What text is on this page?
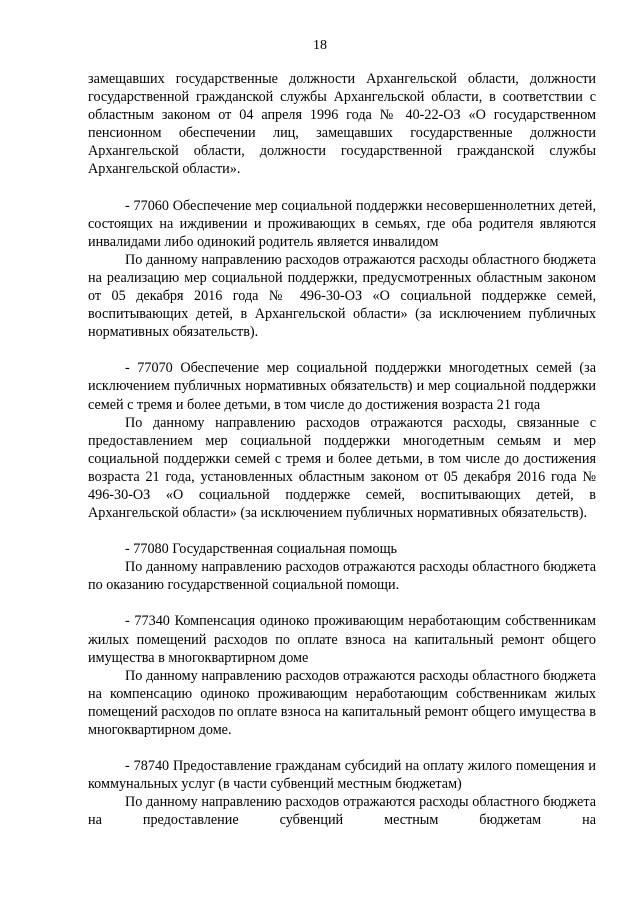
18

замещавших государственные должности Архангельской области, должности государственной гражданской службы Архангельской области, в соответствии с областным законом от 04 апреля 1996 года № 40-22-ОЗ «О государственном пенсионном обеспечении лиц, замещавших государственные должности Архангельской области, должности государственной гражданской службы Архангельской области».

- 77060 Обеспечение мер социальной поддержки несовершеннолетних детей, состоящих на иждивении и проживающих в семьях, где оба родителя являются инвалидами либо одинокий родитель является инвалидом

По данному направлению расходов отражаются расходы областного бюджета на реализацию мер социальной поддержки, предусмотренных областным законом от 05 декабря 2016 года № 496-30-ОЗ «О социальной поддержке семей, воспитывающих детей, в Архангельской области» (за исключением публичных нормативных обязательств).

- 77070 Обеспечение мер социальной поддержки многодетных семей (за исключением публичных нормативных обязательств) и мер социальной поддержки семей с тремя и более детьми, в том числе до достижения возраста 21 года

По данному направлению расходов отражаются расходы, связанные с предоставлением мер социальной поддержки многодетным семьям и мер социальной поддержки семей с тремя и более детьми, в том числе до достижения возраста 21 года, установленных областным законом от 05 декабря 2016 года № 496-30-ОЗ «О социальной поддержке семей, воспитывающих детей, в Архангельской области» (за исключением публичных нормативных обязательств).

- 77080 Государственная социальная помощь

По данному направлению расходов отражаются расходы областного бюджета по оказанию государственной социальной помощи.

- 77340 Компенсация одиноко проживающим неработающим собственникам жилых помещений расходов по оплате взноса на капитальный ремонт общего имущества в многоквартирном доме

По данному направлению расходов отражаются расходы областного бюджета на компенсацию одиноко проживающим неработающим собственникам жилых помещений расходов по оплате взноса на капитальный ремонт общего имущества в многоквартирном доме.

- 78740 Предоставление гражданам субсидий на оплату жилого помещения и коммунальных услуг (в части субвенций местным бюджетам)

По данному направлению расходов отражаются расходы областного бюджета на предоставление субвенций местным бюджетам на
